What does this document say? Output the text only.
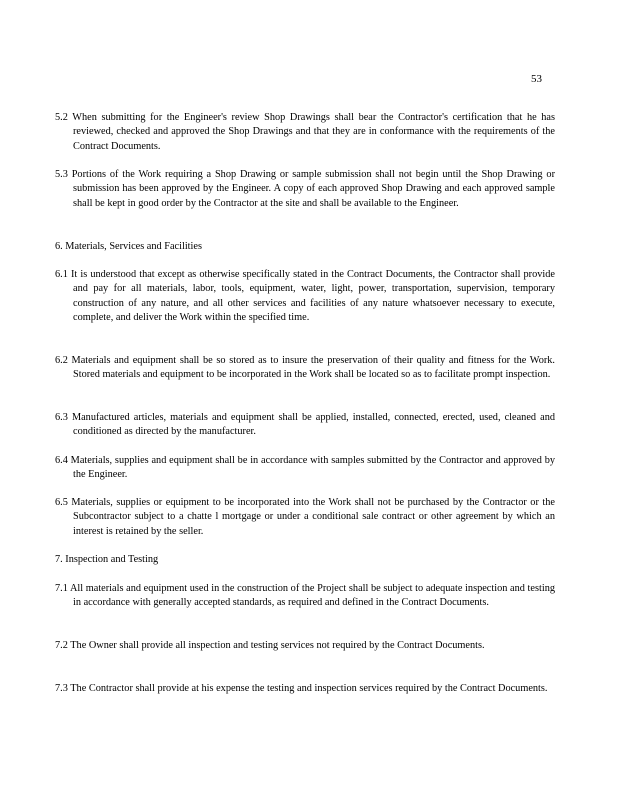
53
5.2 When submitting for the Engineer's review Shop Drawings shall bear the Contractor's certification that he has reviewed, checked and approved the Shop Drawings and that they are in conformance with the requirements of the Contract Documents.
5.3 Portions of the Work requiring a Shop Drawing or sample submission shall not begin until the Shop Drawing or submission has been approved by the Engineer. A copy of each approved Shop Drawing and each approved sample shall be kept in good order by the Contractor at the site and shall be available to the Engineer.
6. Materials, Services and Facilities
6.1 It is understood that except as otherwise specifically stated in the Contract Documents, the Contractor shall provide and pay for all materials, labor, tools, equipment, water, light, power, transportation, supervision, temporary construction of any nature, and all other services and facilities of any nature whatsoever necessary to execute, complete, and deliver the Work within the specified time.
6.2 Materials and equipment shall be so stored as to insure the preservation of their quality and fitness for the Work. Stored materials and equipment to be incorporated in the Work shall be located so as to facilitate prompt inspection.
6.3 Manufactured articles, materials and equipment shall be applied, installed, connected, erected, used, cleaned and conditioned as directed by the manufacturer.
6.4 Materials, supplies and equipment shall be in accordance with samples submitted by the Contractor and approved by the Engineer.
6.5 Materials, supplies or equipment to be incorporated into the Work shall not be purchased by the Contractor or the Subcontractor subject to a chatte l mortgage or under a conditional sale contract or other agreement by which an interest is retained by the seller.
7. Inspection and Testing
7.1 All materials and equipment used in the construction of the Project shall be subject to adequate inspection and testing in accordance with generally accepted standards, as required and defined in the Contract Documents.
7.2 The Owner shall provide all inspection and testing services not required by the Contract Documents.
7.3 The Contractor shall provide at his expense the testing and inspection services required by the Contract Documents.
